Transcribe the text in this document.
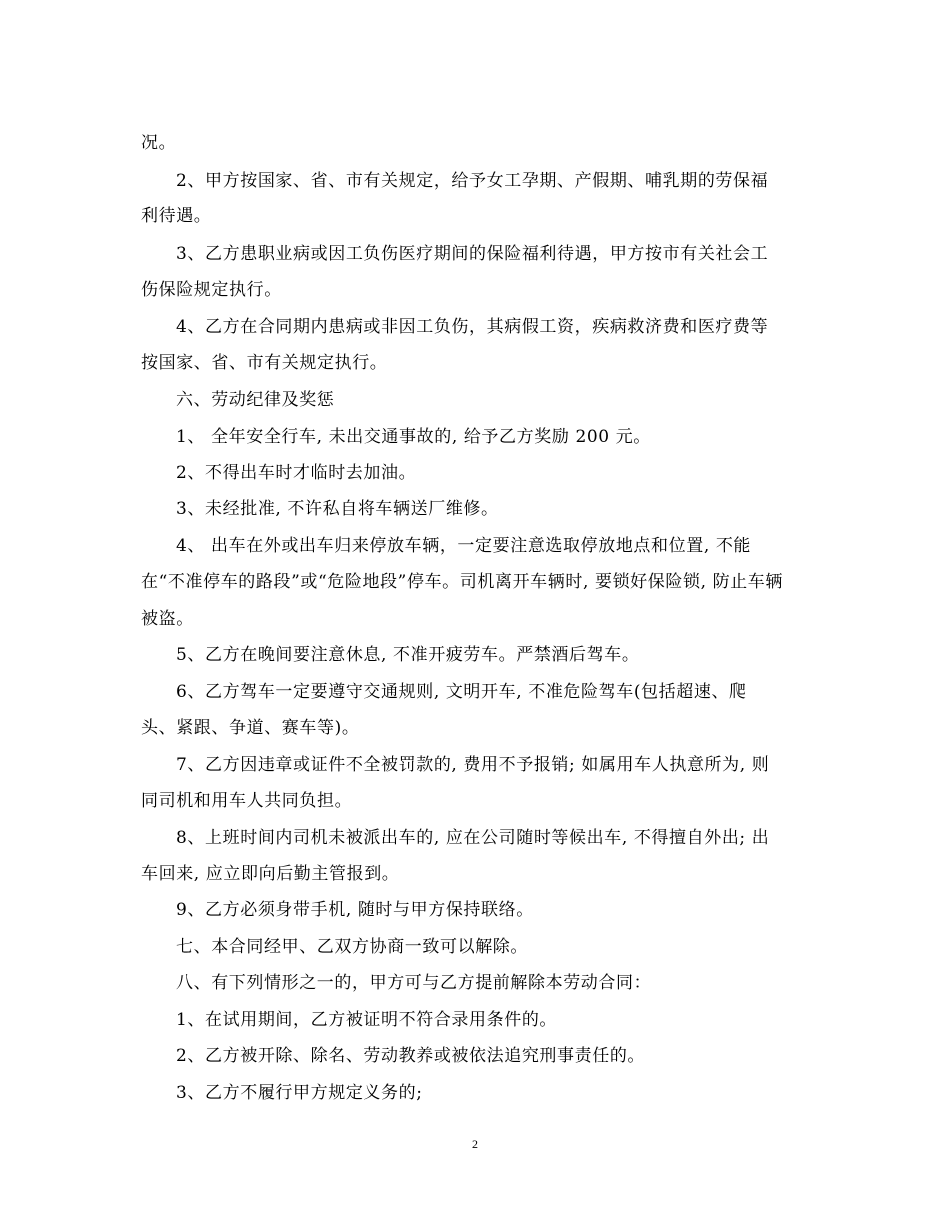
况。
2、甲方按国家、省、市有关规定，给予女工孕期、产假期、哺乳期的劳保福
利待遇。
3、乙方患职业病或因工负伤医疗期间的保险福利待遇，甲方按市有关社会工
伤保险规定执行。
4、乙方在合同期内患病或非因工负伤，其病假工资，疾病救济费和医疗费等
按国家、省、市有关规定执行。
六、劳动纪律及奖惩
1、 全年安全行车, 未出交通事故的, 给予乙方奖励 200 元。
2、不得出车时才临时去加油。
3、未经批准, 不许私自将车辆送厂维修。
4、 出车在外或出车归来停放车辆，一定要注意选取停放地点和位置, 不能
在“不准停车的路段”或“危险地段”停车。司机离开车辆时, 要锁好保险锁, 防止车辆
被盗。
5、乙方在晚间要注意休息, 不准开疲劳车。严禁酒后驾车。
6、乙方驾车一定要遵守交通规则, 文明开车, 不准危险驾车(包括超速、爬
头、紧跟、争道、赛车等)。
7、乙方因违章或证件不全被罚款的, 费用不予报销; 如属用车人执意所为, 则
同司机和用车人共同负担。
8、上班时间内司机未被派出车的, 应在公司随时等候出车, 不得擅自外出; 出
车回来, 应立即向后勤主管报到。
9、乙方必须身带手机, 随时与甲方保持联络。
七、本合同经甲、乙双方协商一致可以解除。
八、有下列情形之一的，甲方可与乙方提前解除本劳动合同：
1、在试用期间，乙方被证明不符合录用条件的。
2、乙方被开除、除名、劳动教养或被依法追究刑事责任的。
3、乙方不履行甲方规定义务的;
2
